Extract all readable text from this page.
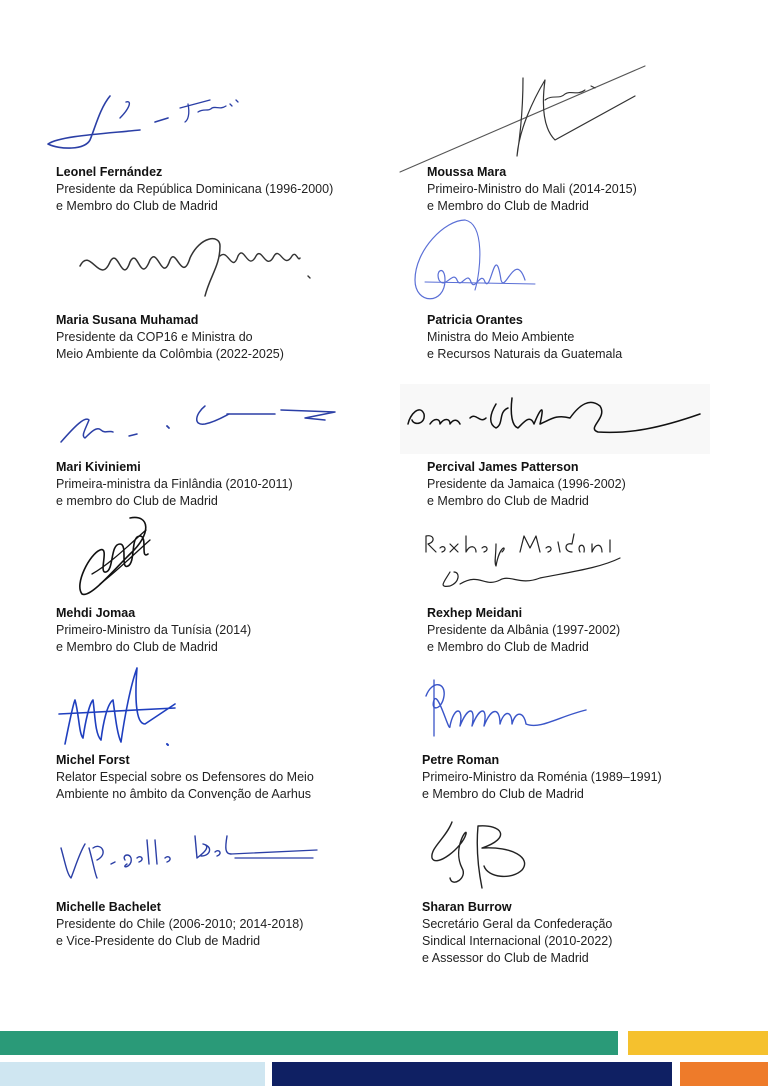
Leonel Fernández

Presidente da República Dominicana (1996-2000)

e Membro do Club de Madrid

Moussa Mara

Primeiro-Ministro do Mali (2014-2015)

e Membro do Club de Madrid

Maria Susana Muhamad

Presidente da COP16 e Ministra do

Meio Ambiente da Colômbia (2022-2025)

Patricia Orantes

Ministra do Meio Ambiente

e Recursos Naturais da Guatemala

Mari Kiviniemi

Primeira-ministra da Finlândia (2010-2011)

e membro do Club de Madrid

Percival James Patterson

Presidente da Jamaica (1996-2002)

e Membro do Club de Madrid

Mehdi Jomaa

Primeiro-Ministro da Tunísia (2014)

e Membro do Club de Madrid

Rexhep Meidani

Presidente da Albânia (1997-2002)

e Membro do Club de Madrid

Michel Forst

Relator Especial sobre os Defensores do Meio

Ambiente no âmbito da Convenção de Aarhus

Petre Roman

Primeiro-Ministro da Roménia (1989–1991)

e Membro do Club de Madrid

Michelle Bachelet

Presidente do Chile (2006-2010; 2014-2018)

e Vice-Presidente do Club de Madrid

Sharan Burrow

Secretário Geral da Confederação

Sindical Internacional (2010-2022)

e Assessor do Club de Madrid
